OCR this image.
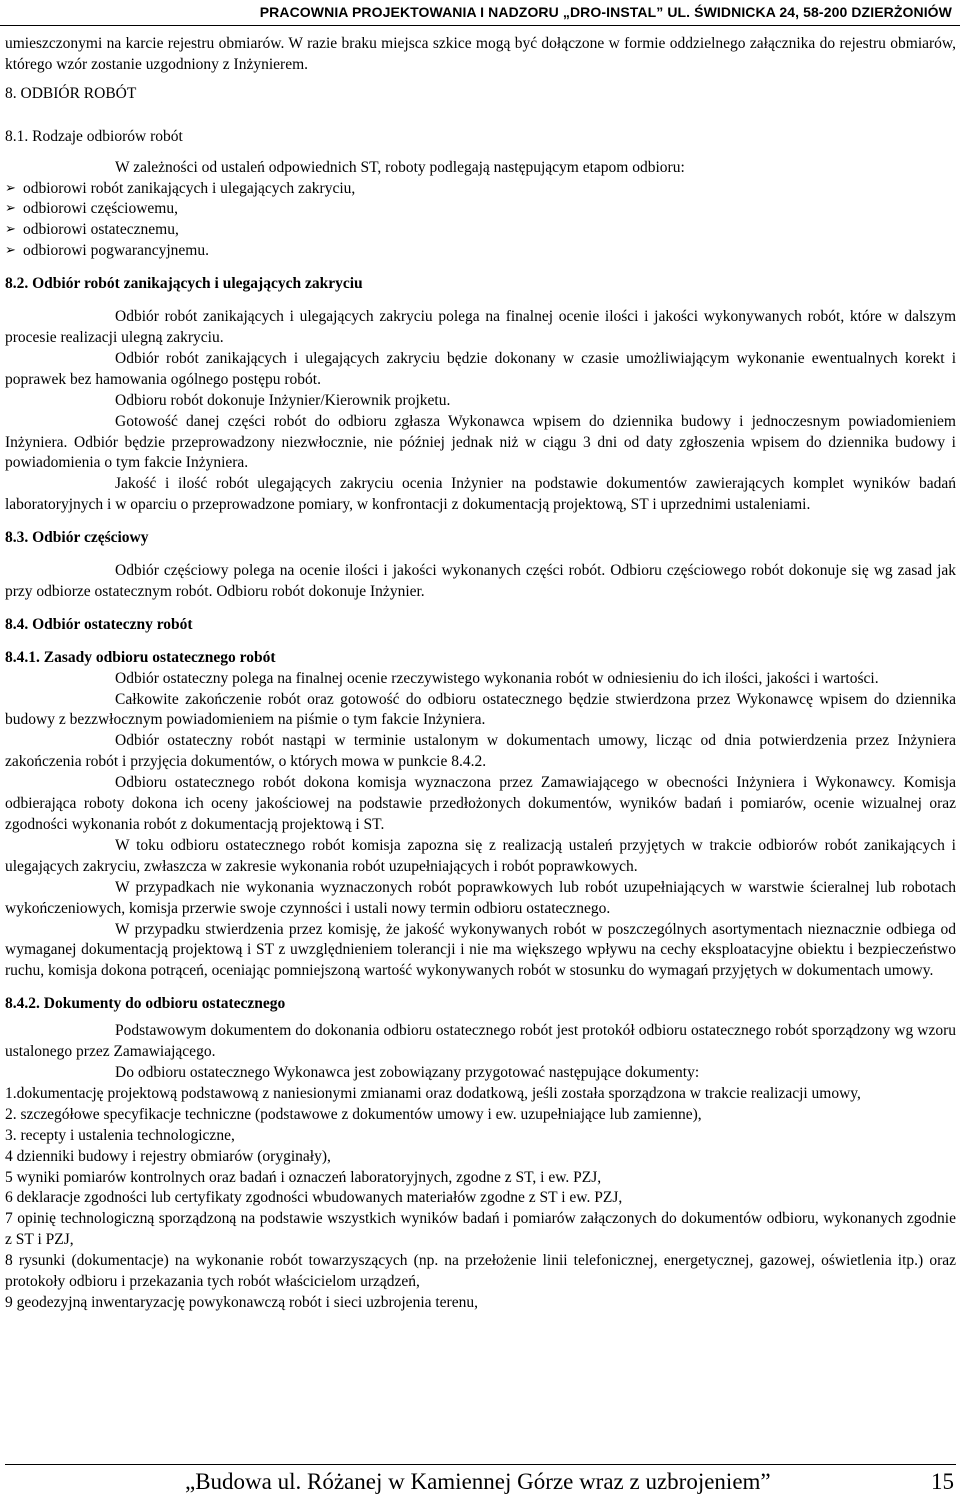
PRACOWNIA PROJEKTOWANIA I NADZORU „DRO-INSTAL” UL. ŚWIDNICKA 24, 58-200 DZIERŻONIÓW

umieszczonymi na karcie rejestru obmiarów. W razie braku miejsca szkice mogą być dołączone w formie oddzielnego załącznika do rejestru obmiarów, którego wzór zostanie uzgodniony z Inżynierem.

8. ODBIÓR ROBÓT

8.1. Rodzaje odbiorów robót

W zależności od ustaleń odpowiednich ST, roboty podlegają następującym etapom odbioru:

➢ odbiorowi robót zanikających i ulegających zakryciu,
➢ odbiorowi częściowemu,
➢ odbiorowi ostatecznemu,
➢ odbiorowi pogwarancyjnemu.

8.2. Odbiór robót zanikających i ulegających zakryciu

Odbiór robót zanikających i ulegających zakryciu polega na finalnej ocenie ilości i jakości wykonywanych robót, które w dalszym procesie realizacji ulegną zakryciu.

Odbiór robót zanikających i ulegających zakryciu będzie dokonany w czasie umożliwiającym wykonanie ewentualnych korekt i poprawek bez hamowania ogólnego postępu robót.

Odbioru robót dokonuje Inżynier/Kierownik projketu.

Gotowość danej części robót do odbioru zgłasza Wykonawca wpisem do dziennika budowy i jednoczesnym powiadomieniem Inżyniera. Odbiór będzie przeprowadzony niezwłocznie, nie później jednak niż w ciągu 3 dni od daty zgłoszenia wpisem do dziennika budowy i powiadomienia o tym fakcie Inżyniera.

Jakość i ilość robót ulegających zakryciu ocenia Inżynier na podstawie dokumentów zawierających komplet wyników badań laboratoryjnych i w oparciu o przeprowadzone pomiary, w konfrontacji z dokumentacją projektową, ST i uprzednimi ustaleniami.

8.3. Odbiór częściowy

Odbiór częściowy polega na ocenie ilości i jakości wykonanych części robót. Odbioru częściowego robót dokonuje się wg zasad jak przy odbiorze ostatecznym robót. Odbioru robót dokonuje Inżynier.

8.4. Odbiór ostateczny robót

8.4.1. Zasady odbioru ostatecznego robót

Odbiór ostateczny polega na finalnej ocenie rzeczywistego wykonania robót w odniesieniu do ich ilości, jakości i wartości.

Całkowite zakończenie robót oraz gotowość do odbioru ostatecznego będzie stwierdzona przez Wykonawcę wpisem do dziennika budowy z bezzwłocznym powiadomieniem na piśmie o tym fakcie Inżyniera.

Odbiór ostateczny robót nastąpi w terminie ustalonym w dokumentach umowy, licząc od dnia potwierdzenia przez Inżyniera zakończenia robót i przyjęcia dokumentów, o których mowa w punkcie 8.4.2.

Odbioru ostatecznego robót dokona komisja wyznaczona przez Zamawiającego w obecności Inżyniera i Wykonawcy. Komisja odbierająca roboty dokona ich oceny jakościowej na podstawie przedłożonych dokumentów, wyników badań i pomiarów, ocenie wizualnej oraz zgodności wykonania robót z dokumentacją projektową i ST.

W toku odbioru ostatecznego robót komisja zapozna się z realizacją ustaleń przyjętych w trakcie odbiorów robót zanikających i ulegających zakryciu, zwłaszcza w zakresie wykonania robót uzupełniających i robót poprawkowych.

W przypadkach nie wykonania wyznaczonych robót poprawkowych lub robót uzupełniających w warstwie ścieralnej lub robotach wykończeniowych, komisja przerwie swoje czynności i ustali nowy termin odbioru ostatecznego.

W przypadku stwierdzenia przez komisję, że jakość wykonywanych robót w poszczególnych asortymentach nieznacznie odbiega od wymaganej dokumentacją projektową i ST z uwzględnieniem tolerancji i nie ma większego wpływu na cechy eksploatacyjne obiektu i bezpieczeństwo ruchu, komisja dokona potrąceń, oceniając pomniejszoną wartość wykonywanych robót w stosunku do wymagań przyjętych w dokumentach umowy.

8.4.2. Dokumenty do odbioru ostatecznego

Podstawowym dokumentem do dokonania odbioru ostatecznego robót jest protokół odbioru ostatecznego robót sporządzony wg wzoru ustalonego przez Zamawiającego.

Do odbioru ostatecznego Wykonawca jest zobowiązany przygotować następujące dokumenty:

1.dokumentację projektową podstawową z naniesionymi zmianami oraz dodatkową, jeśli została sporządzona w trakcie realizacji umowy,

2. szczegółowe specyfikacje techniczne (podstawowe z dokumentów umowy i ew. uzupełniające lub zamienne),

3. recepty i ustalenia technologiczne,

4 dzienniki budowy i rejestry obmiarów (oryginały),

5 wyniki pomiarów kontrolnych oraz badań i oznaczeń laboratoryjnych, zgodne z ST, i ew. PZJ,

6 deklaracje zgodności lub certyfikaty zgodności wbudowanych materiałów zgodne z ST i ew. PZJ,

7 opinię technologiczną sporządzoną na podstawie wszystkich wyników badań i pomiarów załączonych do dokumentów odbioru, wykonanych zgodnie z ST i PZJ,

8 rysunki (dokumentacje) na wykonanie robót towarzyszących (np. na przełożenie linii telefonicznej, energetycznej, gazowej, oświetlenia itp.) oraz protokoły odbioru i przekazania tych robót właścicielom urządzeń,

9 geodezyjną inwentaryzację powykonawczą robót i sieci uzbrojenia terenu,

„Budowa ul. Różanej w Kamiennej Górze wraz z uzbrojeniem”	15
